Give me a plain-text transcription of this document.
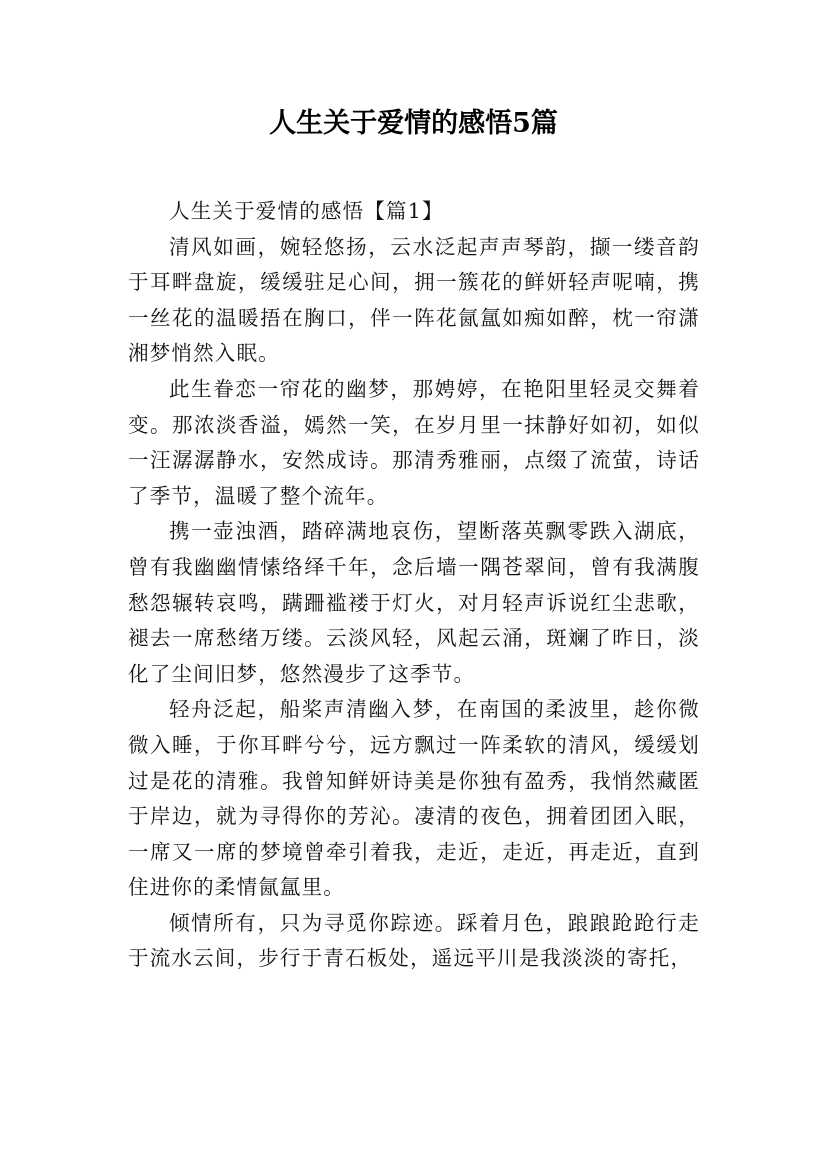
人生关于爱情的感悟5篇

人生关于爱情的感悟【篇1】

清风如画，婉轻悠扬，云水泛起声声琴韵，撷一缕音韵于耳畔盘旋，缓缓驻足心间，拥一簇花的鲜妍轻声呢喃，携一丝花的温暖捂在胸口，伴一阵花氤氲如痴如醉，枕一帘潇湘梦悄然入眠。

此生眷恋一帘花的幽梦，那娉婷，在艳阳里轻灵交舞着变。那浓淡香溢，嫣然一笑，在岁月里一抹静好如初，如似一汪潺潺静水，安然成诗。那清秀雅丽，点缀了流萤，诗话了季节，温暖了整个流年。

携一壶浊酒，踏碎满地哀伤，望断落英飘零跌入湖底，曾有我幽幽情愫络绎千年，念后墙一隅苍翠间，曾有我满腹愁怨辗转哀鸣，蹒跚褴褛于灯火，对月轻声诉说红尘悲歌，褪去一席愁绪万缕。云淡风轻，风起云涌，斑斓了昨日，淡化了尘间旧梦，悠然漫步了这季节。

轻舟泛起，船桨声清幽入梦，在南国的柔波里，趁你微微入睡，于你耳畔兮兮，远方飘过一阵柔软的清风，缓缓划过是花的清雅。我曾知鲜妍诗美是你独有盈秀，我悄然藏匿于岸边，就为寻得你的芳沁。凄清的夜色，拥着团团入眠，一席又一席的梦境曾牵引着我，走近，走近，再走近，直到住进你的柔情氤氲里。

倾情所有，只为寻觅你踪迹。踩着月色，踉踉跄跄行走于流水云间，步行于青石板处，遥远平川是我淡淡的寄托，
